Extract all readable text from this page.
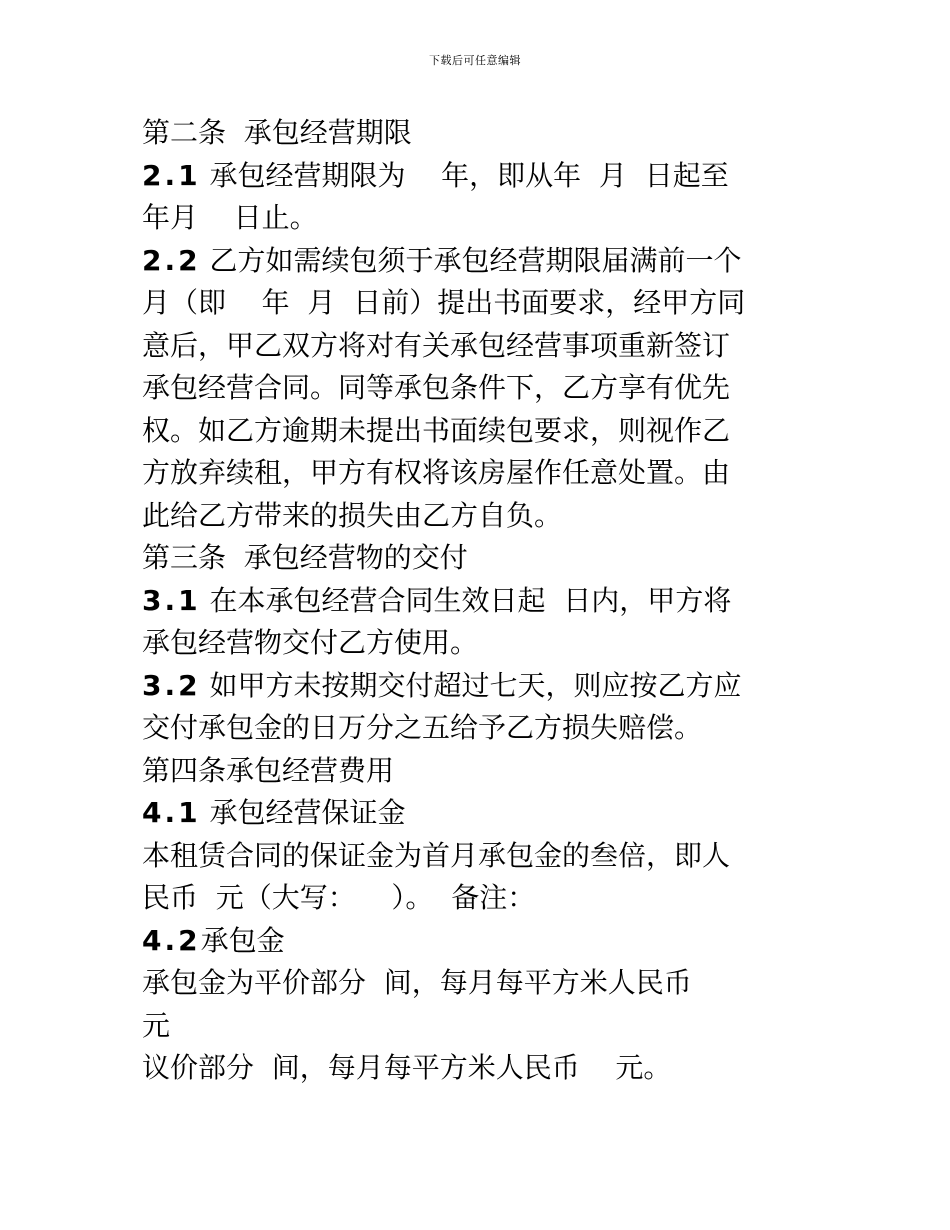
下载后可任意编辑
第二条  承包经营期限
2.1 承包经营期限为    年，即从年  月  日起至
年月    日止。
2.2 乙方如需续包须于承包经营期限届满前一个
月（即    年  月  日前）提出书面要求，经甲方同
意后，甲乙双方将对有关承包经营事项重新签订
承包经营合同。同等承包条件下，乙方享有优先
权。如乙方逾期未提出书面续包要求，则视作乙
方放弃续租，甲方有权将该房屋作任意处置。由
此给乙方带来的损失由乙方自负。
第三条  承包经营物的交付
3.1 在本承包经营合同生效日起  日内，甲方将
承包经营物交付乙方使用。
3.2 如甲方未按期交付超过七天，则应按乙方应
交付承包金的日万分之五给予乙方损失赔偿。
第四条承包经营费用
4.1 承包经营保证金
本租赁合同的保证金为首月承包金的叁倍，即人
民币  元（大写：    ）。  备注：
4.2承包金
承包金为平价部分  间，每月每平方米人民币
元
议价部分  间，每月每平方米人民币    元。
